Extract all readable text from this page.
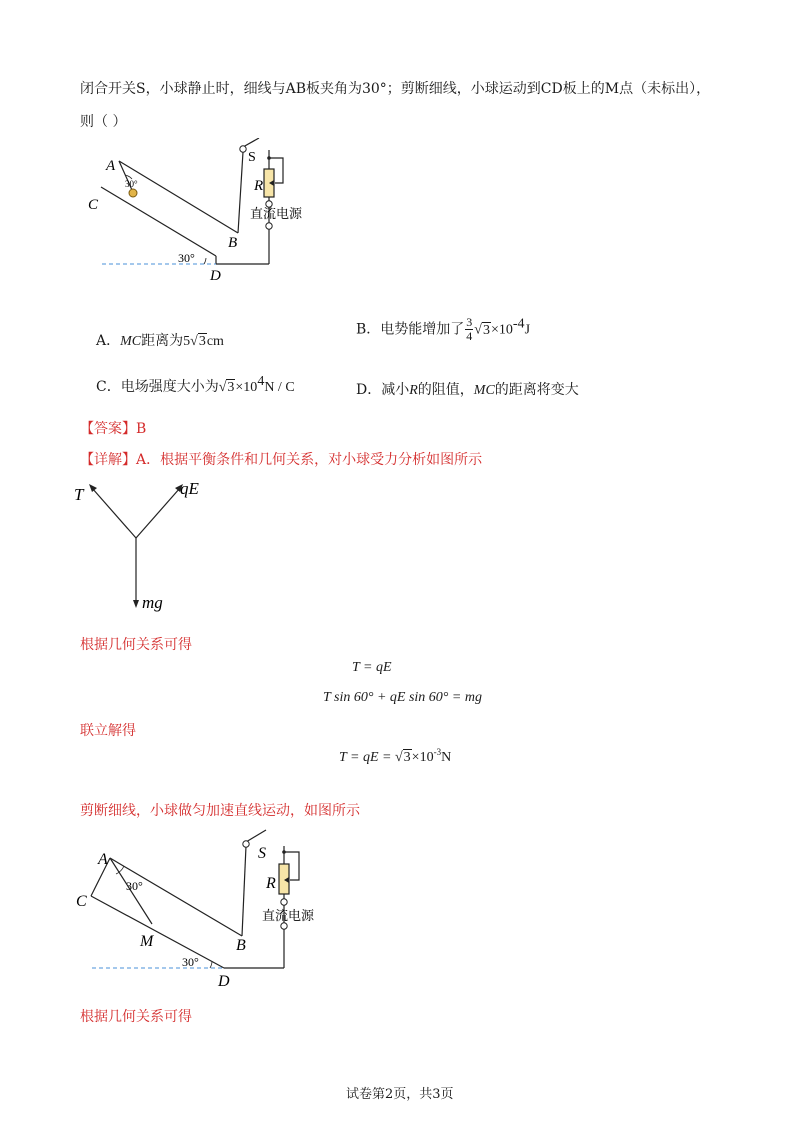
闭合开关S，小球静止时，细线与AB板夹角为30°；剪断细线，小球运动到CD板上的M点（未标出），
则（ ）
A
B
C
D
S
R
30°
30°
直流电源
A．MC距离为5√3cm
B．电势能增加了 $\frac{3}{4} √3\times 10^{-4}J$
C．电场强度大小为$√3\times 10^4N / C$	D．减小R的阻值，MC的距离将变大
【答案】B
【详解】A．根据平衡条件和几何关系，对小球受力分析如图所示
T	qE
mg
根据几何关系可得
T = qE
T sin 60° + qE sin 60° = mg
联立解得
T = qE = $√3\times 10^{-3}N$
剪断细线，小球做匀加速直线运动，如图所示
A
B
C
D
M
S
R
30°
30°
直流电源
根据几何关系可得
试卷第2页，共3页
